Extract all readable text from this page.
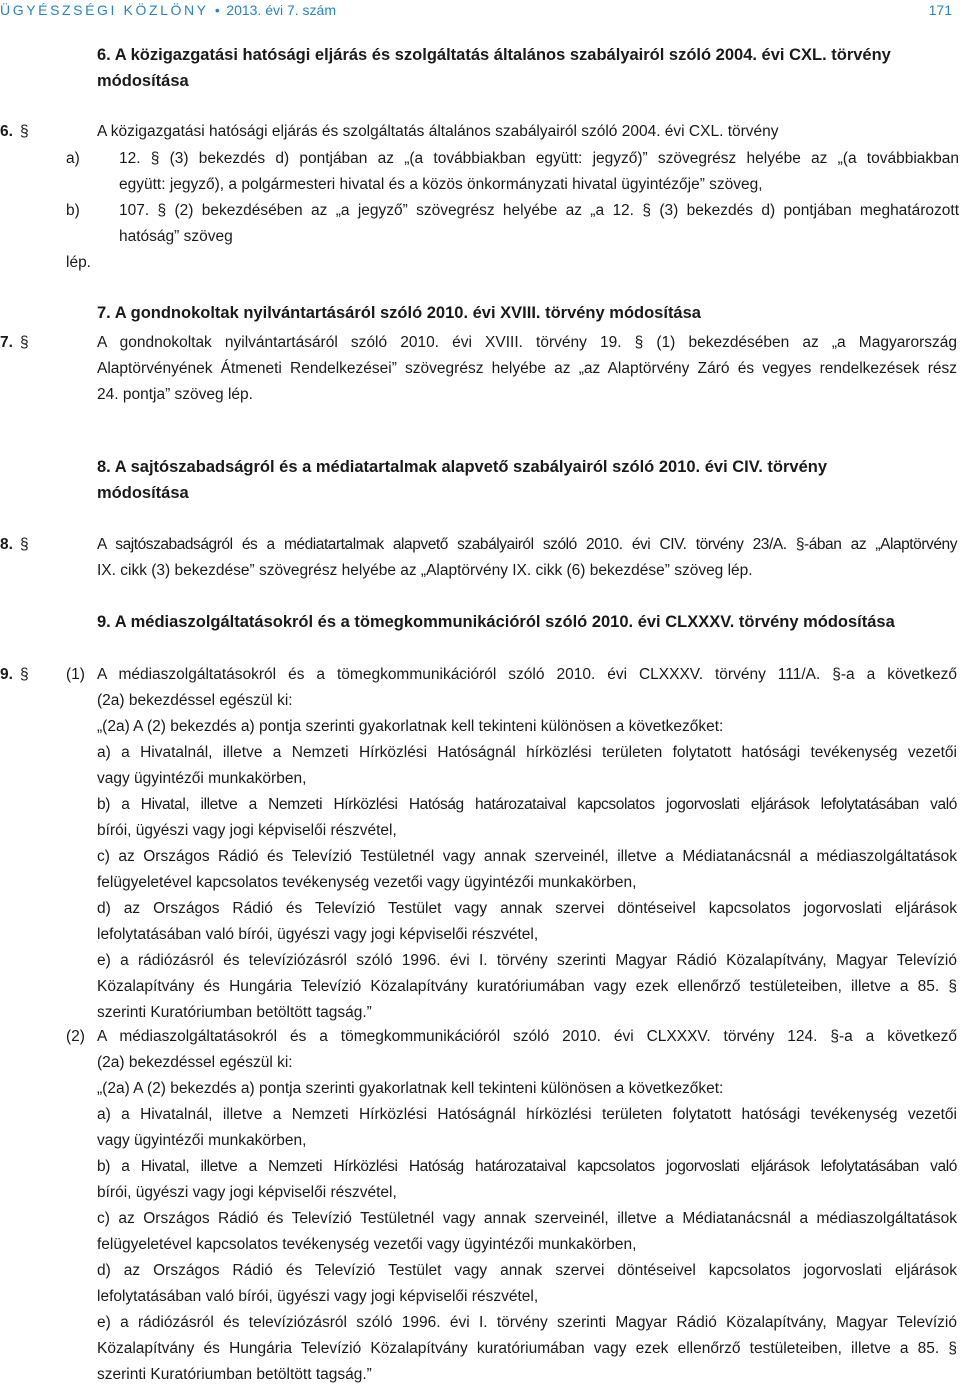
ÜGYÉSZSÉGI KÖZLÖNY • 2013. évi 7. szám	171
6. A közigazgatási hatósági eljárás és szolgáltatás általános szabályairól szóló 2004. évi CXL. törvény
módosítása
6. §	A közigazgatási hatósági eljárás és szolgáltatás általános szabályairól szóló 2004. évi CXL. törvény
a)	12. § (3) bekezdés d) pontjában az „(a továbbiakban együtt: jegyző)” szövegrész helyébe az „(a továbbiakban
együtt: jegyző), a polgármesteri hivatal és a közös önkormányzati hivatal ügyintézője” szöveg,
b)	107. § (2) bekezdésében az „a jegyző” szövegrész helyébe az „a 12. § (3) bekezdés d) pontjában meghatározott
hatóság” szöveg
lép.
7. A gondnokoltak nyilvántartásáról szóló 2010. évi XVIII. törvény módosítása
7. §	A gondnokoltak nyilvántartásáról szóló 2010. évi XVIII. törvény 19. § (1) bekezdésében az „a Magyarország
Alaptörvényének Átmeneti Rendelkezései” szövegrész helyébe az „az Alaptörvény Záró és vegyes rendelkezések rész
24. pontja” szöveg lép.
8. A sajtószabadságról és a médiatartalmak alapvető szabályairól szóló 2010. évi CIV. törvény
módosítása
8. §	A sajtószabadságról és a médiatartalmak alapvető szabályairól szóló 2010. évi CIV. törvény 23/A. §-ában az „Alaptörvény
IX. cikk (3) bekezdése” szövegrész helyébe az „Alaptörvény IX. cikk (6) bekezdése” szöveg lép.
9. A médiaszolgáltatásokról és a tömegkommunikációról szóló 2010. évi CLXXXV. törvény módosítása
9. § (1) A médiaszolgáltatásokról és a tömegkommunikációról szóló 2010. évi CLXXXV. törvény 111/A. §-a a következő
(2a) bekezdéssel egészül ki:
„(2a) A (2) bekezdés a) pontja szerinti gyakorlatnak kell tekinteni különösen a következőket:
a) a Hivatalnál, illetve a Nemzeti Hírközlési Hatóságnál hírközlési területen folytatott hatósági tevékenység vezetői
vagy ügyintézői munkakörben,
b) a Hivatal, illetve a Nemzeti Hírközlési Hatóság határozataival kapcsolatos jogorvoslati eljárások lefolytatásában való
bírói, ügyészi vagy jogi képviselői részvétel,
c) az Országos Rádió és Televízió Testületnél vagy annak szerveinél, illetve a Médiatanácsnál a médiaszolgáltatások
felügyeletével kapcsolatos tevékenység vezetői vagy ügyintézői munkakörben,
d) az Országos Rádió és Televízió Testület vagy annak szervei döntéseivel kapcsolatos jogorvoslati eljárások
lefolytatásában való bírói, ügyészi vagy jogi képviselői részvétel,
e) a rádiózásról és televíziózásról szóló 1996. évi I. törvény szerinti Magyar Rádió Közalapítvány, Magyar Televízió
Közalapítvány és Hungária Televízió Közalapítvány kuratóriumában vagy ezek ellenőrző testületeiben, illetve a 85. §
szerinti Kuratóriumban betöltött tagság.”
(2) A médiaszolgáltatásokról és a tömegkommunikációról szóló 2010. évi CLXXXV. törvény 124. §-a a következő
(2a) bekezdéssel egészül ki:
„(2a) A (2) bekezdés a) pontja szerinti gyakorlatnak kell tekinteni különösen a következőket:
a) a Hivatalnál, illetve a Nemzeti Hírközlési Hatóságnál hírközlési területen folytatott hatósági tevékenység vezetői
vagy ügyintézői munkakörben,
b) a Hivatal, illetve a Nemzeti Hírközlési Hatóság határozataival kapcsolatos jogorvoslati eljárások lefolytatásában való
bírói, ügyészi vagy jogi képviselői részvétel,
c) az Országos Rádió és Televízió Testületnél vagy annak szerveinél, illetve a Médiatanácsnál a médiaszolgáltatások
felügyeletével kapcsolatos tevékenység vezetői vagy ügyintézői munkakörben,
d) az Országos Rádió és Televízió Testület vagy annak szervei döntéseivel kapcsolatos jogorvoslati eljárások
lefolytatásában való bírói, ügyészi vagy jogi képviselői részvétel,
e) a rádiózásról és televíziózásról szóló 1996. évi I. törvény szerinti Magyar Rádió Közalapítvány, Magyar Televízió
Közalapítvány és Hungária Televízió Közalapítvány kuratóriumában vagy ezek ellenőrző testületeiben, illetve a 85. §
szerinti Kuratóriumban betöltött tagság.”
